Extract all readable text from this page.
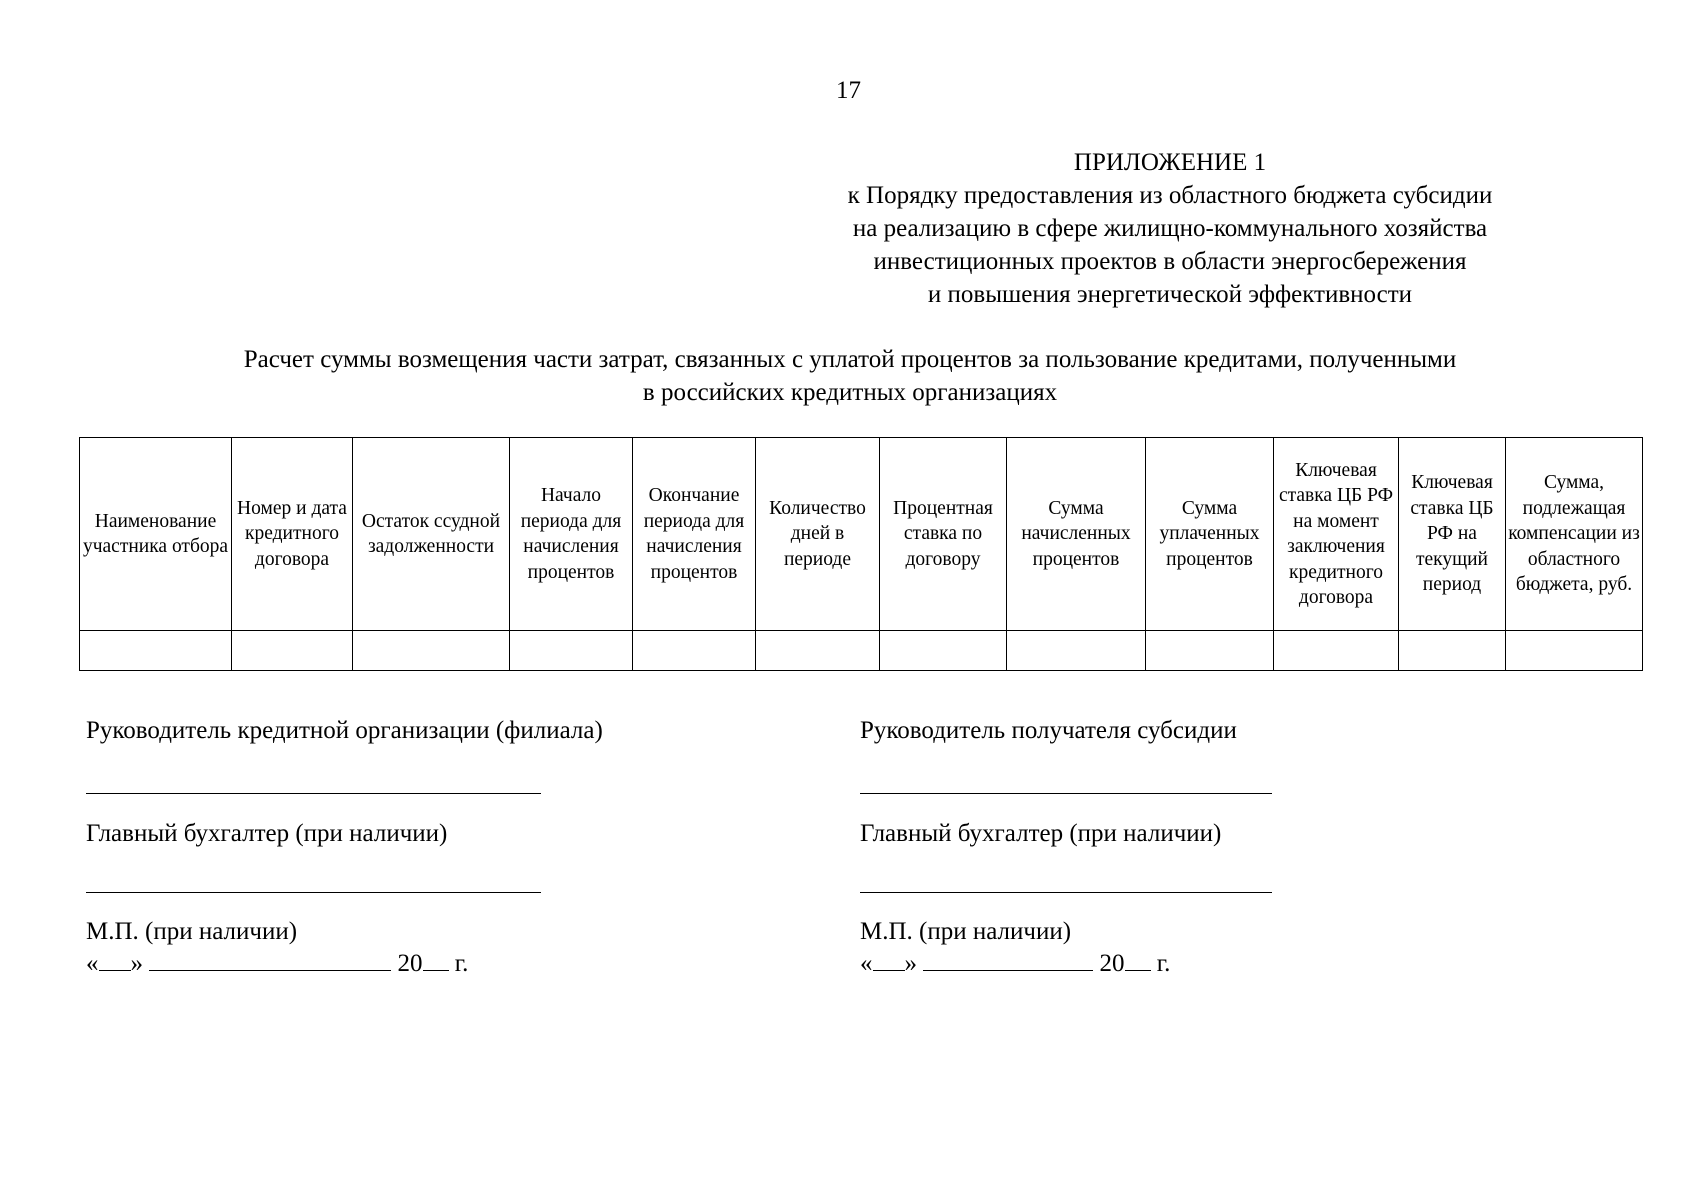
17
ПРИЛОЖЕНИЕ 1
к Порядку предоставления из областного бюджета субсидии
на реализацию в сфере жилищно-коммунального хозяйства
инвестиционных проектов в области энергосбережения
и повышения энергетической эффективности
Расчет суммы возмещения части затрат, связанных с уплатой процентов за пользование кредитами, полученными
в российских кредитных организациях
Наименование участника отбора	Номер и дата кредитного договора	Остаток ссудной задолженности	Начало периода для начисления процентов	Окончание периода для начисления процентов	Количество дней в периоде	Процентная ставка по договору	Сумма начисленных процентов	Сумма уплаченных процентов	Ключевая ставка ЦБ РФ на момент заключения кредитного договора	Ключевая ставка ЦБ РФ на текущий период	Сумма, подлежащая компенсации из областного бюджета, руб.

Руководитель кредитной организации (филиала)
Главный бухгалтер (при наличии)
М.П. (при наличии)
« »	20 г.
Руководитель получателя субсидии
Главный бухгалтер (при наличии)
М.П. (при наличии)
« »	20 г.
